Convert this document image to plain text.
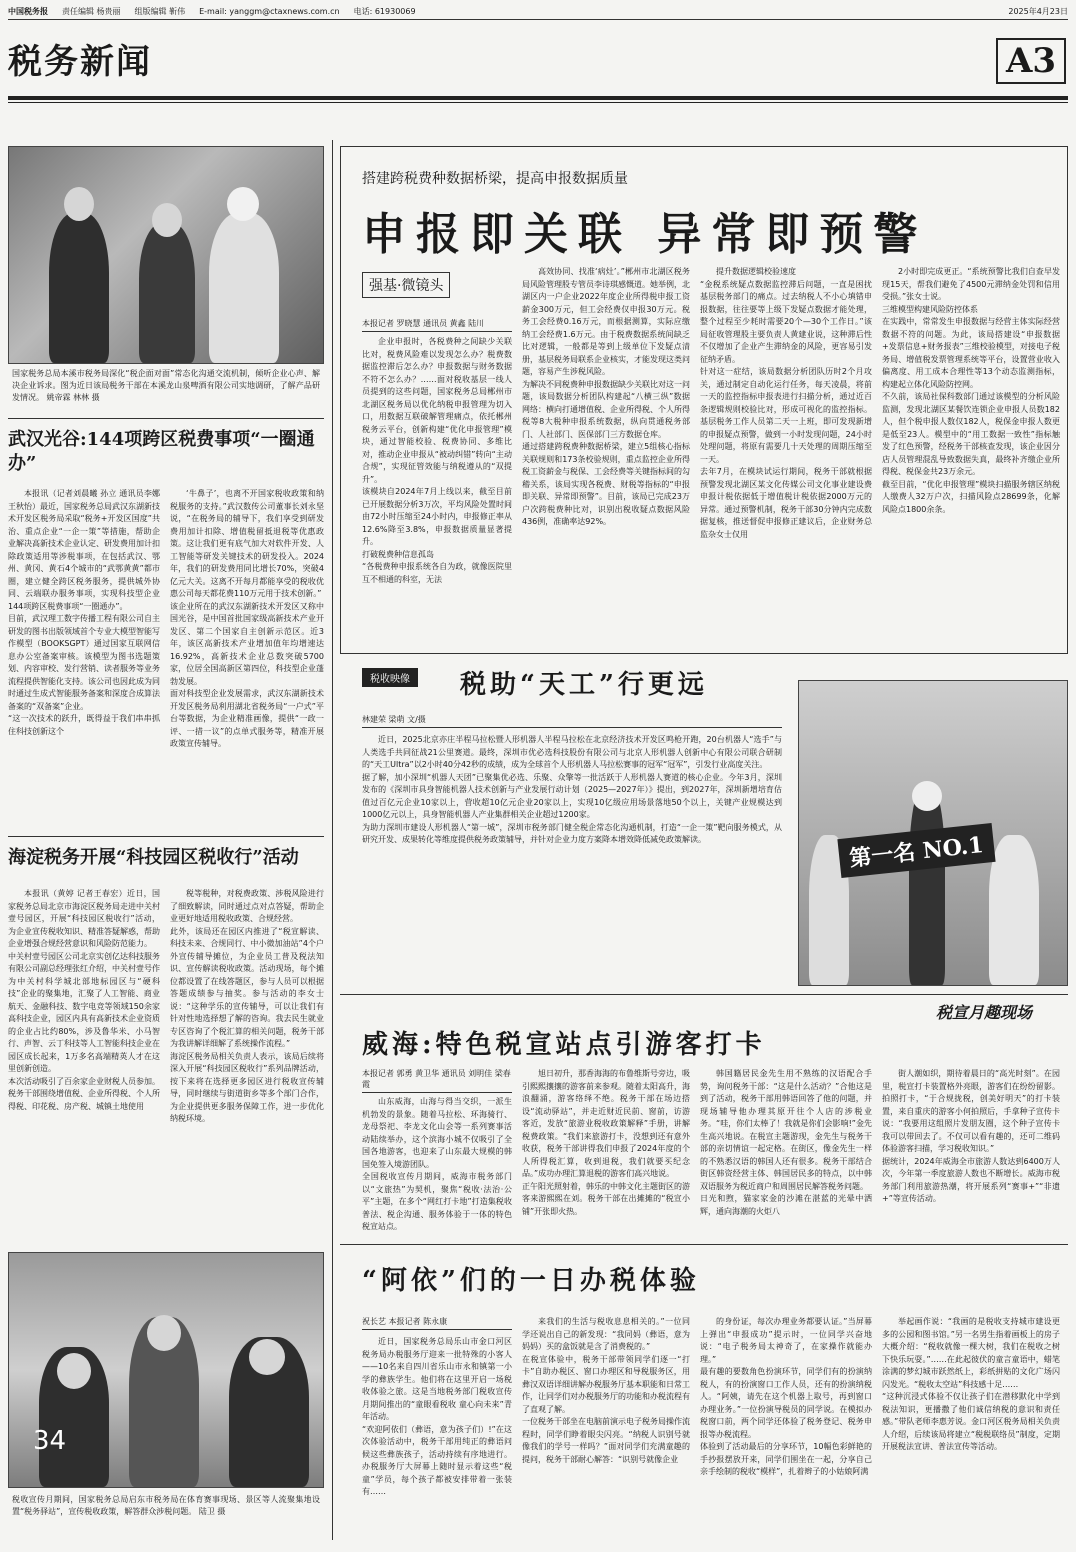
中国税务报 责任编辑 杨贵丽 组版编辑 靳伟 E-mail: yanggm@ctaxnews.com.cn 电话: 61930069	2025年4月23日
税务新闻	A3
国家税务总局本溪市税务局深化“税企面对面”常态化沟通交流机制，倾听企业心声、解决企业诉求。图为近日该局税务干部在本溪龙山泉啤酒有限公司实地调研，了解产品研发情况。 姚帝霖 林林 摄
武汉光谷:144项跨区税费事项“一圈通办”

本报讯（记者刘晨曦 孙立 通讯员李娜 王秋怡）最近，国家税务总局武汉东湖新技术开发区税务局采取“税务+开发区国度”共治、重点企业“一企一策”等措施，帮助企业解决高新技术企业认定、研发费用加计扣除政策适用等涉税事项，在包括武汉、鄂州、黄冈、黄石4个城市的“武鄂黄黄”都市圈，建立健全跨区税务服务，提供城外协同、云端联办服务事项，实现科技型企业144项跨区税费事项“一圈通办”。
目前，武汉理工数字传播工程有限公司自主研发的图书出版领域首个专业大模型智能写作模型（BOOKSGPT）通过国家互联网信息办公室备案审核。该模型为图书选题策划、内容审校、发行营销、读者服务等业务流程提供智能化支持。该公司也因此成为同时通过生成式智能服务备案和深度合成算法备案的“双备案”企业。
“这一次技术的跃升，既得益于我们串串抓住科技创新这个

‘牛鼻子’，也离不开国家税收政策和纳税服务的支持。”武汉数传公司董事长刘永坚说，“在税务局的辅导下，我们享受到研发费用加计扣除、增值税留抵退税等优惠政策。这让我们更有底气加大对软件开发、人工智能等研发关键技术的研发投入。2024年，我们的研发费用同比增长70%，突破4亿元大关。这离不开每月都能享受的税收优惠公司每天都花费110万元用于技术创新。”
该企业所在的武汉东湖新技术开发区又称中国光谷，是中国首批国家级高新技术产业开发区、第二个国家自主创新示范区。近3年，该区高新技术产业增加值年均增速达16.92%，高新技术企业总数突破5700家，位居全国高新区第四位，科技型企业蓬勃发展。
面对科技型企业发展需求，武汉东湖新技术开发区税务局利用湖北省税务局“一户式”平台等数据，为企业精准画像，提供“一政一评、一措一议”的点单式服务等，精准开展政策宣传辅导。

海淀税务开展“科技园区税收行”活动

本报讯（黄婷 记者王春宏）近日，国家税务总局北京市海淀区税务局走进中关村壹号园区，开展“科技园区税收行”活动，为企业宣传税收知识、精准答疑解惑，帮助企业增强合规经营意识和风险防范能力。
中关村壹号园区公司北京实创亿达科技服务有限公司副总经理张红介绍，中关村壹号作为中关村科学城北部地标园区与“硬科技”企业的聚集地，汇聚了人工智能、商业航天、金融科技、数字电竞等领域150余家高科技企业，园区内具有高新技术企业资质的企业占比约80%，涉及鲁华米、小马智行、声智、云丁科技等人工智能科技企业在园区成长起来，1万多名高端精英人才在这里创新创造。
本次活动吸引了百余家企业财税人员参加。税务干部围绕增值税、企业所得税、个人所得税、印花税、房产税、城镇土地使用

税等税种，对税费政策、涉税风险进行了细致解读，同时通过点对点答疑，帮助企业更好地适用税收政策、合规经营。
此外，该局还在园区内推进了“税宣解读、科技未来、合规同行、中小微加油站”4个户外宣传辅导摊位，为企业员工普及税法知识、宣传解读税收政策。活动现场，每个摊位都设置了在线答题区，参与人员可以根据答题成绩参与抽奖。参与活动的李女士说：“这种学乐的宣传辅导，可以让我们有针对性地选择想了解的咨询。我去民生就业专区咨询了个税汇算的相关问题，税务干部为我讲解详细解了系统操作流程。”
海淀区税务局相关负责人表示，该局后续将深入开展“科技园区税收行”系列品牌活动，按下来将在选择更多园区进行税收宣传辅导，同时继续与街道街乡等多个部门合作，为企业提供更多服务保障工作，进一步优化纳税环境。

34
税收宣传月期间，国家税务总局启东市税务局在体育赛事现场、景区等人流聚集地设置“税务驿站”，宣传税收政策，解答群众涉税问题。 陆卫 摄
搭建跨税费种数据桥梁，提高申报数据质量
申报即关联 异常即预警
强基·微镜头
本报记者 罗晓慧 通讯员 黄鑫 陆川

企业申报时，各税费种之间缺少关联比对，税费风险难以发现怎么办？税费数据监控滞后怎么办？申报数据与财务数据不符不怎么办？……面对税收基层一线人员提到的这些问题，国家税务总局郴州市北湖区税务局以优化纳税申报管理为切入口，用数据互联破解管理痛点，依托郴州税务云平台，创新构建“优化申报管理”模块，通过智能校验、税费协同、多维比对，推动企业申报从“被动纠错”转向“主动合规”，实现征管效能与纳税遵从的“双提升”。
该模块自2024年7月上线以来，截至目前已开展数据分析3万次，平均风险处置时间由72小时压缩至24小时内，申报修正率从12.6%降至3.8%，申报数据质量显著提升。
打破税费种信息孤岛
“各税费种申报系统各自为政，就像医院里互不相通的科室，无法

高效协同、找准‘病灶’。”郴州市北湖区税务局风险管理股专管员李诗琪感慨道。她举例，北湖区内一户企业2022年度企业所得税申报工资薪金300万元，但工会经费仅申报30万元。税务工会经费0.16万元，而根据测算，实际应缴纳工会经费1.6万元。由于税费数据系统间缺乏比对逻辑，一般都是等到上级单位下发疑点清册，基层税务局联系企业核实，才能发现这类问题，容易产生涉税风险。
为解决不同税费种申报数据缺少关联比对这一问题，该局数据分析团队构建起“八横三纵”数据网络：横向打通增值税、企业所得税、个人所得税等8大税种申报系统数据，纵向贯通税务部门、人社部门、医保部门三方数据仓库。
通过搭建跨税费种数据桥梁，建立5组核心指标关联规则和173条校验规则，重点监控企业所得税工资薪金与税保、工会经费等关键指标间的勾稽关系，该局实现各税费、财税等指标的“申报即关联、异常即预警”。目前，该局已完成23万户次跨税费种比对，识别出税收疑点数据风险436例，准确率达92%。

提升数据逻辑校验速度
“金税系统疑点数据监控滞后问题，一直是困扰基层税务部门的痛点。过去纳税人不小心填错申报数据，往往要等上级下发疑点数据才能处理，整个过程至少耗时需要20个—30个工作日。”该局征收管理股主要负责人黄建业说，这种滞后性不仅增加了企业产生滞纳金的风险，更容易引发征纳矛盾。
针对这一症结，该局数据分析团队历时2个月攻关，通过制定自动化运行任务，每天凌晨，将前一天的监控指标申报表进行扫描分析，通过近百条逻辑规则校验比对，形成可视化的监控指标。基层税务工作人员第二天一上班，即可发现新增的申报疑点预警，做到一小时发现问题，24小时处理问题，将原有需要几十天处理的周期压缩至一天。
去年7月，在模块试运行期间，税务干部就根据预警发现北湖区某文化传媒公司文化事业建设费申报计税依据低于增值税计税依据2000万元的异常。通过预警机制，税务干部30分钟内完成数据复核，推送督促申报修正建议后，企业财务总监杂女士仅用

2小时即完成更正。“系统预警比我们自查早发现15天，帮我们避免了4500元滞纳金处罚和信用受损。”张女士说。
三维模型构建风险防控体系
在实践中，常常发生申报数据与经营主体实际经营数据不符的问题。为此，该局搭建设“申报数据+发票信息+财务报表”三维校验模型，对接电子税务局、增值税发票管理系统等平台，设置营业收入偏离度、用工成本合理性等13个动态监测指标，构建起立体化风险防控网。
不久前，该局社保科数部门通过该模型的分析风险监测，发现北湖区某餐饮连锁企业申报人员数182人，但个税申报人数仅182人，税保金申报人数更是低至23人。模型中的“用工数据一致性”指标触发了红色预警，经税务干部核查发现，该企业因分店人员管理混乱导致数据失真，最终补齐缴企业所得税、税保金共23万余元。
截至目前，“优化申报管理”模块扫描服务辖区纳税人缴费人32万户次，扫描风险点28699条，化解风险点1800余条。

税收映像	税助“天工”行更远
林建荣 梁萌 文/摄

近日，2025北京亦庄半程马拉松暨人形机器人半程马拉松在北京经济技术开发区鸣枪开跑，20台机器人“选手”与人类选手共同征战21公里赛道。最终，深圳市优必选科技股份有限公司与北京人形机器人创新中心有限公司联合研制的“天工Ultra”以2小时40分42秒的成绩，成为全球首个人形机器人马拉松赛事的冠军“冠军”，引发行业高度关注。
据了解，加小深圳“机器人天团”已聚集优必选、乐聚、众擎等一批活跃于人形机器人赛道的核心企业。今年3月，深圳发布的《深圳市具身智能机器人技术创新与产业发展行动计划（2025—2027年）》提出，到2027年，深圳新增培育估值过百亿元企业10家以上，营收超10亿元企业20家以上，实现10亿级应用场景落地50个以上，关键产业规模达到1000亿元以上，具身智能机器人产业集群相关企业超过1200家。
为助力深圳市建设人形机器人“第一城”，深圳市税务部门健全税企常态化沟通机制，打造“一企一策”靶向服务模式，从研究开发、成果转化等维度提供税务政策辅导，并针对企业力度方案降本增效降低减免政策解读。	第一名 NO.1
税宣月趣现场
威海:特色税宣站点引游客打卡
本报记者 郭勇 黄卫华 通讯员 刘明佳 梁春霞

山东威海，山海与得当交织，一派生机勃发的景象。随着马拉松、环海骑行、龙母祭祀、李龙文化山会等一系列赛事活动陆续举办，这个滨海小城不仅吸引了全国各地游客，也迎来了山东最大规模的韩国免签入境游团队。
全国税收宣传月期间，威海市税务部门以“文旅热”为契机，聚焦“税收·法治·公平”主题，在多个“网红打卡地”打造集税收普法、税企沟通、服务体验于一体的特色税宣站点。

旭日初升，那香海海的布鲁维斯号旁边，吸引熙熙攘攘的游客前来参观。随着太阳高升，海浪翻涌，游客络绎不绝。税务干部在场边搭设“流动驿站”，并走近财近民前、窗前，访游客近，发放“旅游业税收政策解释”手册，讲解税费政策。“我们来旅游打卡，没想到还有意外收获，税务干部讲得我们申报了2024年度的个人所得税汇算，收到退税，我们就要买纪念品。”成功办理汇算退税的游客们高兴地说。
正午阳光照射着，韩乐的中韩文化主题街区的游客来游熙熙在刘。税务干部在出摊摊的“税宣小铺”开张即火热。

韩国籍居民金先生用不熟练的汉语配合手势，询问税务干部：“这是什么活动？”合他这是到了活动，税务干部用韩语回答了他的问题，并现场辅导他办理其原开往个人店的涉税业务。“哇，你们太棒了！我就是你们会影响!”金先生高兴地说。在税宣主题游现，金先生与税务干部的亲切情谊一起定格。在街区，像金先生一样的不熟悉汉语的韩国人还有很多。税务干部结合街区韩资经营主体、韩国居民多的特点，以中韩双语服务为税近商户和周围居民解答税务问题。
日光和煦，猫家家金的沙滩在湛蓝的光晕中洒辉，通向海潮的火炬八

街人潮如织，期待着晨日的“高光时刻”。在园里，税宣打卡装置格外亮眼，游客们在纷纷留影。拍照打卡，“于合规拢税，创美好明天”的打卡装置，来自重庆的游客小何拍照后，手拿种子宣传卡说：“我要用这组照片发朋友圈，这个种子宣传卡我可以带回去了。不仅可以看有趣的，还可二维码体验游客扫描，学习税收知识。”
据统计，2024年威海全市旅游人数达到6400万人次，今年第一季度旅游人数也不断增长。威海市税务部门利用旅游热潮，将开展系列“赛事+”“非遗+”等宣传活动。

“阿依”们的一日办税体验
祝长艺 本报记者 陈永康

近日，国家税务总局乐山市金口河区税务局办税服务厅迎来一批特殊的小客人——10名来自四川省乐山市永和镇第一小学的彝族学生。他们将在这里开启一场税收体验之旅。这是当地税务部门税收宣传月期间推出的“童眼看税收 童心向未来”青年活动。
“欢迎阿依们（彝语，意为孩子们）!”在这次体验活动中，税务干部用纯正的彝语问候这些彝族孩子，活动持续有序地进行。办税服务厅大屏幕上随时显示着这些“税童”学员，每个孩子都被安排带着一张装有……

来我们的生活与税收息息相关的。”一位同学还说出自己的新发现：“我同妈（彝语，意为妈妈）买的盒饭就是含了消费税的。”
在税宣体验中，税务干部带领同学们逐一“打卡”自助办税区、窗口办理区和导税服务区，用彝汉双语详细讲解办税服务厅基本职能和日常工作，让同学们对办税服务厅的功能和办税流程有了直观了解。
一位税务干部坐在电脑前演示电子税务局操作流程时，同学们睁着眼尖闪亮。“纳税人识别号就像我们的学号一样吗？”面对同学们充满童趣的提问，税务干部耐心解答：“识别号就像企业

的身份证，每次办理业务都要认证。”当屏幕上弹出“申报成功”提示时，一位同学兴奋地说：“电子税务局太神奇了，在家操作就能办理。”
最有趣的要数角色扮演环节，同学们有的扮演纳税人，有的扮演窗口工作人员，还有的扮演纳税人。“阿姨，请先在这个机器上取号，再到窗口办理业务。”一位扮演导税员的同学说。在模拟办税窗口前，两个同学还体验了税务登记、税务申报等办税流程。
体验到了活动最后的分享环节，10幅色彩鲜艳的手抄报摆放开来，同学们围坐在一起，分享自己亲手绘制的税收“模样”，扎着辫子的小姑娘阿满

举起画作说：“我画的是税收支持城市建设更多的公园和图书馆。”另一名男生指着画板上的房子大概介绍：“税收就像一棵大树，我们在税收之树下快乐玩耍。”……在此起彼伏的童言童语中，蜡笔涂满的梦幻城市跃然纸上，彩纸拼贴的文化广场闪闪发光。“税收太空站”科技感十足……
“这种沉浸式体验不仅让孩子们在潜移默化中学到税法知识，更播撒了他们诚信纳税的意识和责任感。”带队老师李惠芳说。金口河区税务局相关负责人介绍，后续该局将建立“税税联络员”制度，定期开展税法宣讲、普法宣传等活动。
